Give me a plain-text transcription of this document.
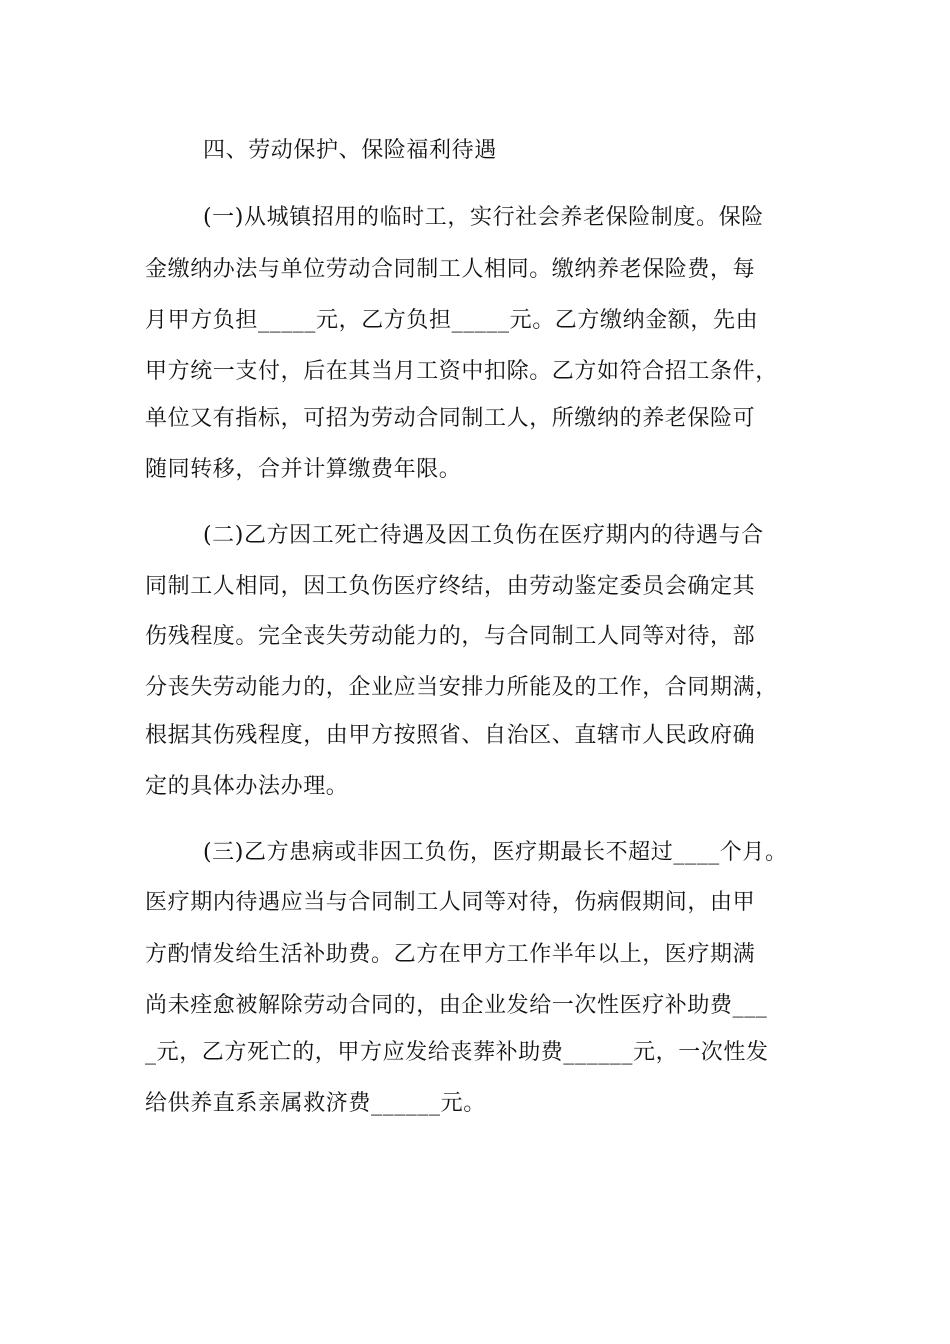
四、劳动保护、保险福利待遇
(一)从城镇招用的临时工，实行社会养老保险制度。保险
金缴纳办法与单位劳动合同制工人相同。缴纳养老保险费，每
月甲方负担_____元，乙方负担_____元。乙方缴纳金额，先由
甲方统一支付，后在其当月工资中扣除。乙方如符合招工条件，
单位又有指标，可招为劳动合同制工人，所缴纳的养老保险可
随同转移，合并计算缴费年限。
(二)乙方因工死亡待遇及因工负伤在医疗期内的待遇与合
同制工人相同，因工负伤医疗终结，由劳动鉴定委员会确定其
伤残程度。完全丧失劳动能力的，与合同制工人同等对待，部
分丧失劳动能力的，企业应当安排力所能及的工作，合同期满，
根据其伤残程度，由甲方按照省、自治区、直辖市人民政府确
定的具体办法办理。
(三)乙方患病或非因工负伤，医疗期最长不超过____个月。
医疗期内待遇应当与合同制工人同等对待，伤病假期间，由甲
方酌情发给生活补助费。乙方在甲方工作半年以上，医疗期满
尚未痊愈被解除劳动合同的，由企业发给一次性医疗补助费___
_元，乙方死亡的，甲方应发给丧葬补助费______元，一次性发
给供养直系亲属救济费______元。
